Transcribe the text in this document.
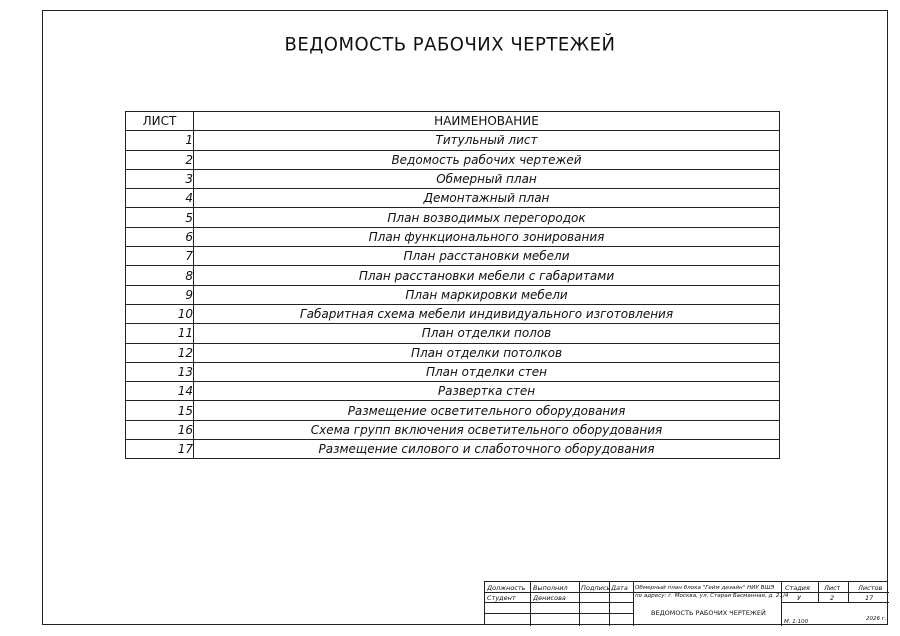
ВЕДОМОСТЬ РАБОЧИХ ЧЕРТЕЖЕЙ
ЛИСТ	НАИМЕНОВАНИЕ
1	Титульный лист
2	Ведомость рабочих чертежей
3	Обмерный план
4	Демонтажный план
5	План возводимых перегородок
6	План функционального зонирования
7	План расстановки мебели
8	План расстановки мебели с габаритами
9	План маркировки мебели
10	Габаритная схема мебели индивидуального изготовления
11	План отделки полов
12	План отделки потолков
13	План отделки стен
14	Развертка стен
15	Размещение осветительного оборудования
16	Схема групп включения осветительного оборудования
17	Размещение силового и слаботочного оборудования
Должность Выполнил Подпись Дата
Студент	Денисова
Обмерный план блока "Гейм дизайн" НИУ ВШЭ
по адресу: г. Москва, ул. Старая Басманная, д. 21/4
Стадия Лист	Листов
У	2	17
ВЕДОМОСТЬ РАБОЧИХ ЧЕРТЕЖЕЙ
М. 1:100	2026 г.
